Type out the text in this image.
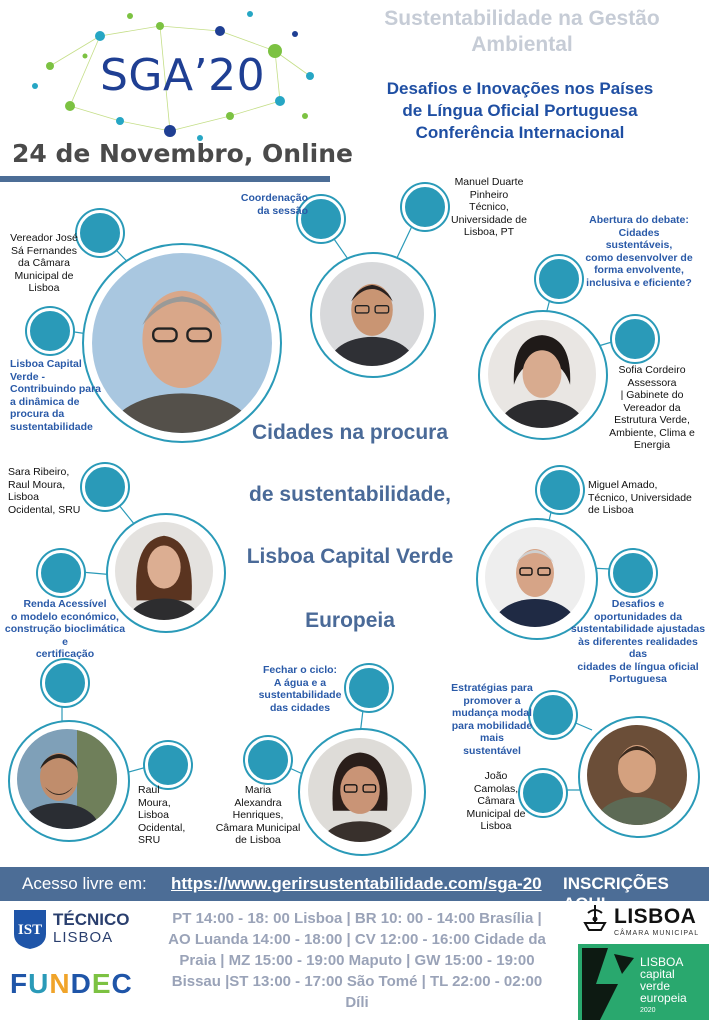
SGA’20
24 de Novembro, Online
Sustentabilidade na Gestão
Ambiental
Desafios e Inovações nos Países
de Língua Oficial Portuguesa
Conferência Internacional
Vereador José
Sá Fernandes
da Câmara
Municipal de
Lisboa
Lisboa Capital
Verde -
Contribuindo para
a dinâmica de
procura da
sustentabilidade
Coordenação
da sessão
Manuel Duarte
Pinheiro
Técnico,
Universidade de
Lisboa, PT
Abertura do debate:
Cidades sustentáveis,
como desenvolver de
forma envolvente,
inclusiva e eficiente?
Sofia Cordeiro
Assessora
| Gabinete do
Vereador da
Estrutura Verde,
Ambiente, Clima e
Energia
Cidades na procura
de sustentabilidade,
Lisboa Capital Verde
Europeia
Sara Ribeiro,
Raul Moura,
Lisboa
Ocidental, SRU
Renda Acessível
o modelo económico,
construção bioclimática e
certificação
Miguel Amado,
Técnico, Universidade
de Lisboa
Desafios e
oportunidades da
sustentabilidade ajustadas
às diferentes realidades das
cidades de língua oficial
Portuguesa
Raul
Moura,
Lisboa
Ocidental,
SRU
Fechar o ciclo:
A água e a
sustentabilidade
das cidades
Maria
Alexandra
Henriques,
Câmara Municipal
de Lisboa
Estratégias para
promover a
mudança modal
para mobilidade
mais sustentável
João
Camolas,
Câmara
Municipal de
Lisboa
Acesso livre em: https://www.gerirsustentabilidade.com/sga-20 INSCRIÇÕES AQUI
IST
TÉCNICO
LISBOA
FUNDEC
PT 14:00 - 18: 00 Lisboa | BR 10: 00 - 14:00 Brasília |
AO Luanda 14:00 - 18:00 | CV 12:00 - 16:00 Cidade da
Praia | MZ 15:00 - 19:00 Maputo | GW 15:00 - 19:00
Bissau |ST 13:00 - 17:00 São Tomé | TL 22:00 - 02:00
Díli
LISBOA
CÂMARA MUNICIPAL
LISBOA
capital
verde
europeia
2020
